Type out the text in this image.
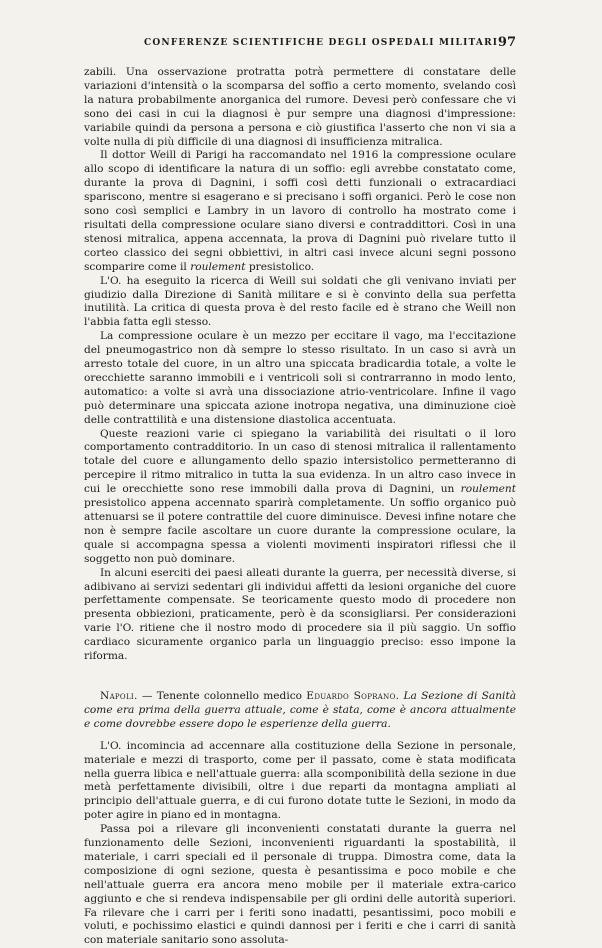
CONFERENZE SCIENTIFICHE DEGLI OSPEDALI MILITARI 97

zabili. Una osservazione protratta potrà permettere di constatare delle variazioni d'intensità o la scomparsa del soffio a certo momento, svelando così la natura probabilmente anorganica del rumore. Devesi però confessare che vi sono dei casi in cui la diagnosi è pur sempre una diagnosi d'impressione: variabile quindi da persona a persona e ciò giustifica l'asserto che non vi sia a volte nulla di più difficile di una diagnosi di insufficienza mitralica.

Il dottor Weill di Parigi ha raccomandato nel 1916 la compressione oculare allo scopo di identificare la natura di un soffio: egli avrebbe constatato come, durante la prova di Dagnini, i soffi così detti funzionali o extracardiaci spariscono, mentre si esagerano e si precisano i soffi organici. Però le cose non sono così semplici e Lambry in un lavoro di controllo ha mostrato come i risultati della compressione oculare siano diversi e contraddittori. Così in una stenosi mitralica, appena accennata, la prova di Dagnini può rivelare tutto il corteo classico dei segni obbiettivi, in altri casi invece alcuni segni possono scomparire come il roulement presistolico.

L'O. ha eseguito la ricerca di Weill sui soldati che gli venivano inviati per giudizio dalla Direzione di Sanità militare e si è convinto della sua perfetta inutilità. La critica di questa prova è del resto facile ed è strano che Weill non l'abbia fatta egli stesso.

La compressione oculare è un mezzo per eccitare il vago, ma l'eccitazione del pneumogastrico non dà sempre lo stesso risultato. In un caso si avrà un arresto totale del cuore, in un altro una spiccata bradicardia totale, a volte le orecchiette saranno immobili e i ventricoli soli si contrarranno in modo lento, automatico: a volte si avrà una dissociazione atrio-ventricolare. Infine il vago può determinare una spiccata azione inotropa negativa, una diminuzione cioè delle contrattilità e una distensione diastolica accentuata.

Queste reazioni varie ci spiegano la variabilità dei risultati o il loro comportamento contradditorio. In un caso di stenosi mitralica il rallentamento totale del cuore e allungamento dello spazio intersistolico permetteranno di percepire il ritmo mitralico in tutta la sua evidenza. In un altro caso invece in cui le orecchiette sono rese immobili dalla prova di Dagnini, un roulement presistolico appena accennato sparirà completamente. Un soffio organico può attenuarsi se il potere contrattile del cuore diminuisce. Devesi infine notare che non è sempre facile ascoltare un cuore durante la compressione oculare, la quale si accompagna spessa a violenti movimenti inspiratori riflessi che il soggetto non può dominare.

In alcuni eserciti dei paesi alleati durante la guerra, per necessità diverse, si adibivano ai servizi sedentari gli individui affetti da lesioni organiche del cuore perfettamente compensate. Se teoricamente questo modo di procedere non presenta obbiezioni, praticamente, però è da sconsigliarsi. Per considerazioni varie l'O. ritiene che il nostro modo di procedere sia il più saggio. Un soffio cardiaco sicuramente organico parla un linguaggio preciso: esso impone la riforma.

Napoli. — Tenente colonnello medico Eduardo Soprano. La Sezione di Sanità come era prima della guerra attuale, come è stata, come è ancora attualmente e come dovrebbe essere dopo le esperienze della guerra.

L'O. incomincia ad accennare alla costituzione della Sezione in personale, materiale e mezzi di trasporto, come per il passato, come è stata modificata nella guerra libica e nell'attuale guerra: alla scomponibilità della sezione in due metà perfettamente divisibili, oltre i due reparti da montagna ampliati al principio dell'attuale guerra, e di cui furono dotate tutte le Sezioni, in modo da poter agire in piano ed in montagna.

Passa poi a rilevare gli inconvenienti constatati durante la guerra nel funzionamento delle Sezioni, inconvenienti riguardanti la spostabilità, il materiale, i carri speciali ed il personale di truppa. Dimostra come, data la composizione di ogni sezione, questa è pesantissima e poco mobile e che nell'attuale guerra era ancora meno mobile per il materiale extra-carico aggiunto e che si rendeva indispensabile per gli ordini delle autorità superiori. Fa rilevare che i carri per i feriti sono inadatti, pesantissimi, poco mobili e voluti, e pochissimo elastici e quindi dannosi per i feriti e che i carri di sanità con materiale sanitario sono assoluta-
